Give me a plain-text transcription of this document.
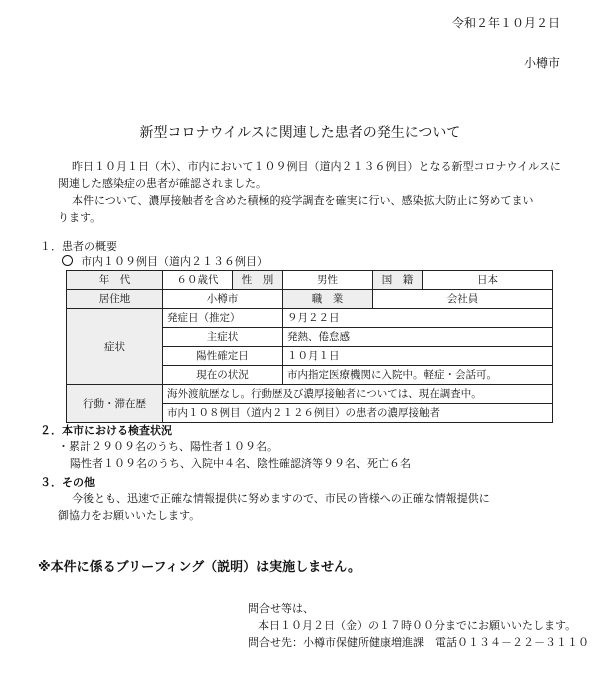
令和２年１０月２日
小樽市
新型コロナウイルスに関連した患者の発生について
昨日１０月１日（木）、市内において１０９例目（道内２１３６例目）となる新型コロナウイルスに
関連した感染症の患者が確認されました。
本件について、濃厚接触者を含めた積極的疫学調査を確実に行い、感染拡大防止に努めてまい
ります。
１．患者の概要
市内１０９例目（道内２１３６例目）
年　代	６０歳代	性　別	男性	国　籍	日本
居住地	小樽市		職　業	会社員	
症状	発症日（推定）		９月２２日		
	主症状		発熱、倦怠感		
	陽性確定日		１０月１日		
	現在の状況		市内指定医療機関に入院中。軽症・会話可。		
行動・滞在歴	海外渡航歴なし。行動歴及び濃厚接触者については、現在調査中。				
	市内１０８例目（道内２１２６例目）の患者の濃厚接触者				
２．本市における検査状況
・累計２９０９名のうち、陽性者１０９名。
陽性者１０９名のうち、入院中４名、陰性確認済等９９名、死亡６名
３．その他
今後とも、迅速で正確な情報提供に努めますので、市民の皆様への正確な情報提供に
御協力をお願いいたします。
※本件に係るブリーフィング（説明）は実施しません。
問合せ等は、
本日１０月２日（金）の１７時００分までにお願いいたします。
問合せ先：小樽市保健所健康増進課　電話０１３４－２２－３１１０
